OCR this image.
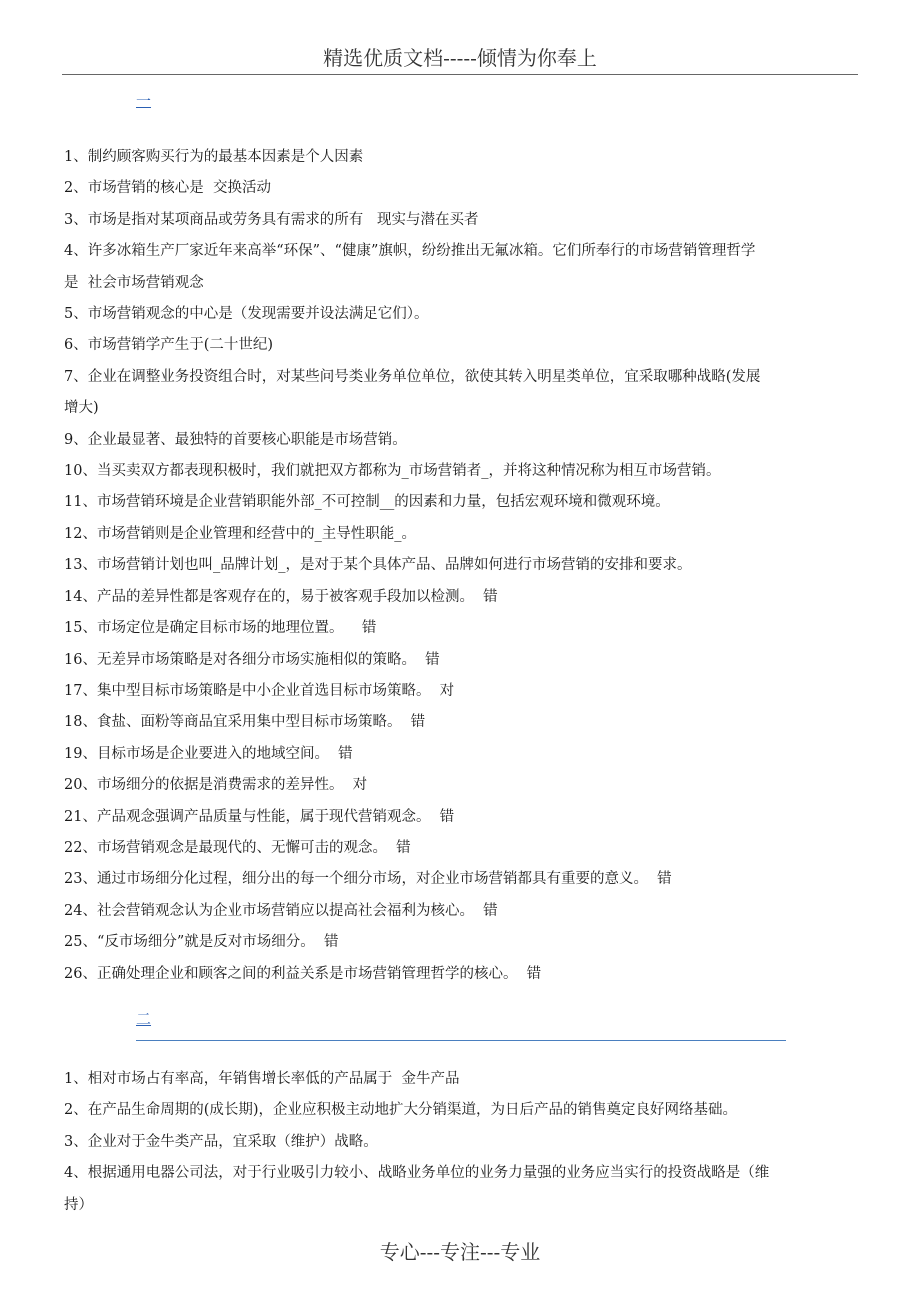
精选优质文档-----倾情为你奉上
一
1、制约顾客购买行为的最基本因素是个人因素
2、市场营销的核心是  交换活动
3、市场是指对某项商品或劳务具有需求的所有   现实与潜在买者
4、许多冰箱生产厂家近年来高举“环保”、“健康”旗帜，纷纷推出无氟冰箱。它们所奉行的市场营销管理哲学
是  社会市场营销观念
5、市场营销观念的中心是（发现需要并设法满足它们）。
6、市场营销学产生于(二十世纪)
7、企业在调整业务投资组合时，对某些问号类业务单位单位，欲使其转入明星类单位，宜采取哪种战略(发展
增大)
9、企业最显著、最独特的首要核心职能是市场营销。
10、当买卖双方都表现积极时，我们就把双方都称为_市场营销者_，并将这种情况称为相互市场营销。
11、市场营销环境是企业营销职能外部_不可控制__的因素和力量，包括宏观环境和微观环境。
12、市场营销则是企业管理和经营中的_主导性职能_。
13、市场营销计划也叫_品牌计划_，是对于某个具体产品、品牌如何进行市场营销的安排和要求。
14、产品的差异性都是客观存在的，易于被客观手段加以检测。  错
15、市场定位是确定目标市场的地理位置。    错
16、无差异市场策略是对各细分市场实施相似的策略。  错
17、集中型目标市场策略是中小企业首选目标市场策略。  对
18、食盐、面粉等商品宜采用集中型目标市场策略。  错
19、目标市场是企业要进入的地域空间。  错
20、市场细分的依据是消费需求的差异性。  对
21、产品观念强调产品质量与性能，属于现代营销观念。  错
22、市场营销观念是最现代的、无懈可击的观念。  错
23、通过市场细分化过程，细分出的每一个细分市场，对企业市场营销都具有重要的意义。  错
24、社会营销观念认为企业市场营销应以提高社会福利为核心。  错
25、“反市场细分”就是反对市场细分。  错
26、正确处理企业和顾客之间的利益关系是市场营销管理哲学的核心。  错
二
1、相对市场占有率高，年销售增长率低的产品属于  金牛产品
2、在产品生命周期的(成长期)，企业应积极主动地扩大分销渠道，为日后产品的销售奠定良好网络基础。
3、企业对于金牛类产品，宜采取（维护）战略。
4、根据通用电器公司法，对于行业吸引力较小、战略业务单位的业务力量强的业务应当实行的投资战略是（维
持）
专心---专注---专业
